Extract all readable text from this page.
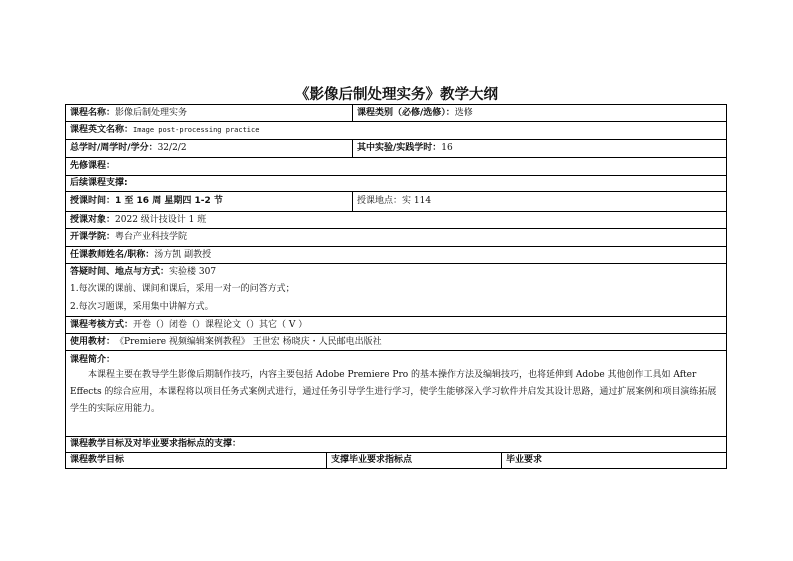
《影像后制处理实务》教学大纲
课程名称： 影像后制处理实务	课程类别（必修/选修）： 选修
课程英文名称： Image post-processing practice
总学时/周学时/学分： 32/2/2	其中实验/实践学时： 16
先修课程：
后续课程支撑:
授课时间： 1 至 16 周 星期四 1-2 节	授课地点：实 114
授课对象： 2022 级计技设计 1 班
开课学院： 粤台产业科技学院
任课教师姓名/职称： 汤方凯 副教授
答疑时间、地点与方式： 实验楼 307
1.每次课的课前、课间和课后，采用一对一的问答方式；
2.每次习题课，采用集中讲解方式。
课程考核方式： 开卷（）闭卷（）课程论文（）其它（ V ）
使用教材： 《Premiere 视频编辑案例教程》 王世宏 杨晓庆・人民邮电出版社
课程简介：

本课程主要在教导学生影像后期制作技巧，内容主要包括 Adobe Premiere Pro 的基本操作方法及编辑技巧，也将延伸到 Adobe 其他创作工具如 After Effects 的综合应用，本课程将以项目任务式案例式进行，通过任务引导学生进行学习，使学生能够深入学习软件并启发其设计思路，通过扩展案例和项目演练拓展学生的实际应用能力。

课程教学目标及对毕业要求指标点的支撑：
课程教学目标	支撑毕业要求指标点	毕业要求
